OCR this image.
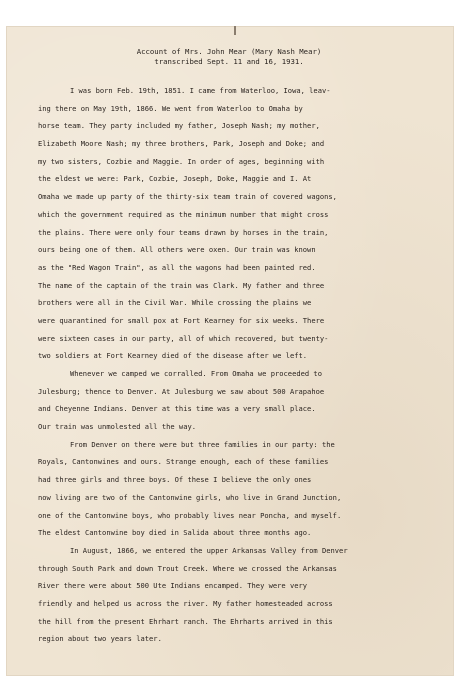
Account of Mrs. John Mear (Mary Nash Mear)

transcribed Sept. 11 and 16, 1931.

I was born Feb. 19th, 1851. I came from Waterloo, Iowa, leav-
ing there on May 19th, 1866. We went from Waterloo to Omaha by
horse team. They party included my father, Joseph Nash; my mother,
Elizabeth Moore Nash; my three brothers, Park, Joseph and Doke; and
my two sisters, Cozbie and Maggie. In order of ages, beginning with
the eldest we were: Park, Cozbie, Joseph, Doke, Maggie and I. At
Omaha we made up party of the thirty-six team train of covered wagons,
which the government required as the minimum number that might cross
the plains. There were only four teams drawn by horses in the train,
ours being one of them. All others were oxen. Our train was known
as the "Red Wagon Train", as all the wagons had been painted red.
The name of the captain of the train was Clark. My father and three
brothers were all in the Civil War. While crossing the plains we
were quarantined for small pox at Fort Kearney for six weeks. There
were sixteen cases in our party, all of which recovered, but twenty-
two soldiers at Fort Kearney died of the disease after we left.
Whenever we camped we corralled. From Omaha we proceeded to
Julesburg; thence to Denver. At Julesburg we saw about 500 Arapahoe
and Cheyenne Indians. Denver at this time was a very small place.
Our train was unmolested all the way.
From Denver on there were but three families in our party: the
Royals, Cantonwines and ours. Strange enough, each of these families
had three girls and three boys. Of these I believe the only ones
now living are two of the Cantonwine girls, who live in Grand Junction,
one of the Cantonwine boys, who probably lives near Poncha, and myself.
The eldest Cantonwine boy died in Salida about three months ago.
In August, 1866, we entered the upper Arkansas Valley from Denver
through South Park and down Trout Creek. Where we crossed the Arkansas
River there were about 500 Ute Indians encamped. They were very
friendly and helped us across the river. My father homesteaded across
the hill from the present Ehrhart ranch. The Ehrharts arrived in this
region about two years later.
